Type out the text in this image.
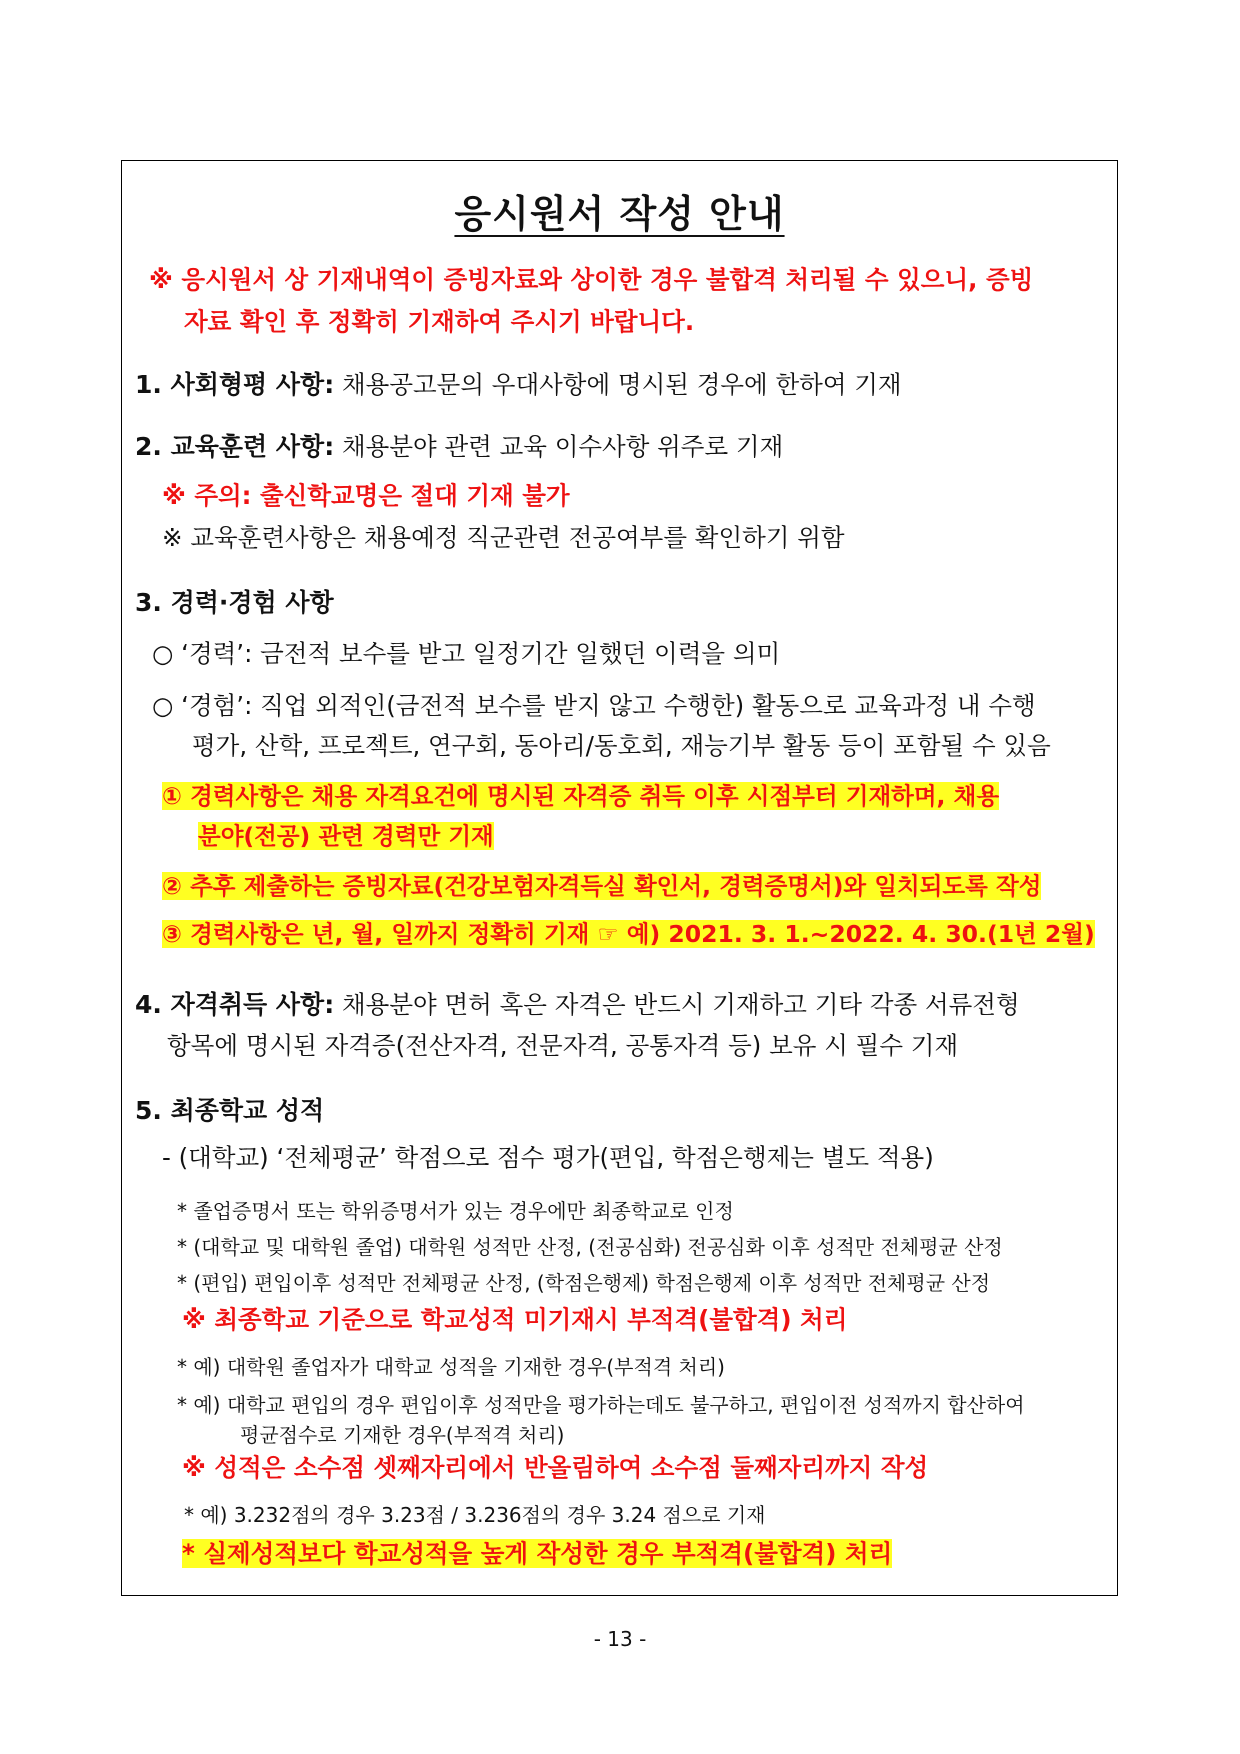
응시원서 작성 안내
※ 응시원서 상 기재내역이 증빙자료와 상이한 경우 불합격 처리될 수 있으니, 증빙
자료 확인 후 정확히 기재하여 주시기 바랍니다.
1. 사회형평 사항: 채용공고문의 우대사항에 명시된 경우에 한하여 기재
2. 교육훈련 사항: 채용분야 관련 교육 이수사항 위주로 기재
※ 주의: 출신학교명은 절대 기재 불가
※ 교육훈련사항은 채용예정 직군관련 전공여부를 확인하기 위함
3. 경력·경험 사항
○ ‘경력’: 금전적 보수를 받고 일정기간 일했던 이력을 의미
○ ‘경험’: 직업 외적인(금전적 보수를 받지 않고 수행한) 활동으로 교육과정 내 수행
평가, 산학, 프로젝트, 연구회, 동아리/동호회, 재능기부 활동 등이 포함될 수 있음
① 경력사항은 채용 자격요건에 명시된 자격증 취득 이후 시점부터 기재하며, 채용
분야(전공) 관련 경력만 기재
② 추후 제출하는 증빙자료(건강보험자격득실 확인서, 경력증명서)와 일치되도록 작성
③ 경력사항은 년, 월, 일까지 정확히 기재 ☞ 예) 2021. 3. 1.~2022. 4. 30.(1년 2월)
4. 자격취득 사항: 채용분야 면허 혹은 자격은 반드시 기재하고 기타 각종 서류전형
항목에 명시된 자격증(전산자격, 전문자격, 공통자격 등) 보유 시 필수 기재
5. 최종학교 성적
- (대학교) ‘전체평균’ 학점으로 점수 평가(편입, 학점은행제는 별도 적용)
* 졸업증명서 또는 학위증명서가 있는 경우에만 최종학교로 인정
* (대학교 및 대학원 졸업) 대학원 성적만 산정, (전공심화) 전공심화 이후 성적만 전체평균 산정
* (편입) 편입이후 성적만 전체평균 산정, (학점은행제) 학점은행제 이후 성적만 전체평균 산정
※ 최종학교 기준으로 학교성적 미기재시 부적격(불합격) 처리
* 예) 대학원 졸업자가 대학교 성적을 기재한 경우(부적격 처리)
* 예) 대학교 편입의 경우 편입이후 성적만을 평가하는데도 불구하고, 편입이전 성적까지 합산하여
평균점수로 기재한 경우(부적격 처리)
※ 성적은 소수점 셋째자리에서 반올림하여 소수점 둘째자리까지 작성
* 예) 3.232점의 경우 3.23점 / 3.236점의 경우 3.24 점으로 기재
* 실제성적보다 학교성적을 높게 작성한 경우 부적격(불합격) 처리
- 13 -
